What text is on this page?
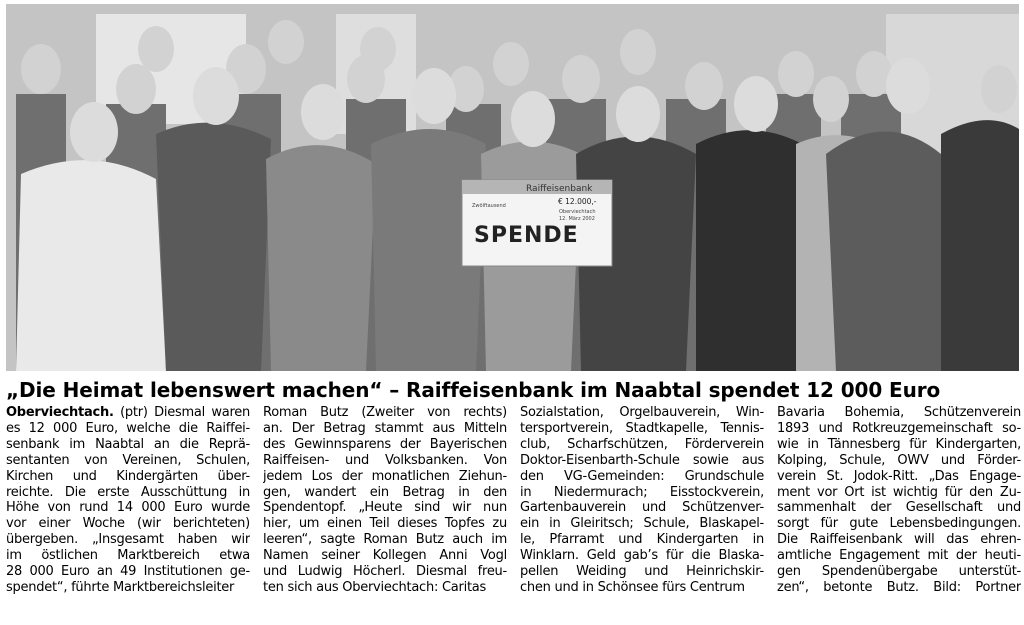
Raiffeisenbank
Zwölftausend	€ 12.000,-
Oberviechtach
12. März 2002
SPENDE
„Die Heimat lebenswert machen“ – Raiffeisenbank im Naabtal spendet 12 000 Euro
Oberviechtach. (ptr) Diesmal waren
es 12 000 Euro, welche die Raiffei-
senbank im Naabtal an die Reprä-
sentanten von Vereinen, Schulen,
Kirchen und Kindergärten über-
reichte. Die erste Ausschüttung in
Höhe von rund 14 000 Euro wurde
vor einer Woche (wir berichteten)
übergeben. „Insgesamt haben wir
im östlichen Marktbereich etwa
28 000 Euro an 49 Institutionen ge-
spendet“, führte Marktbereichsleiter
Roman Butz (Zweiter von rechts)
an. Der Betrag stammt aus Mitteln
des Gewinnsparens der Bayerischen
Raiffeisen- und Volksbanken. Von
jedem Los der monatlichen Ziehun-
gen, wandert ein Betrag in den
Spendentopf. „Heute sind wir nun
hier, um einen Teil dieses Topfes zu
leeren“, sagte Roman Butz auch im
Namen seiner Kollegen Anni Vogl
und Ludwig Höcherl. Diesmal freu-
ten sich aus Oberviechtach: Caritas
Sozialstation, Orgelbauverein, Win-
tersportverein, Stadtkapelle, Tennis-
club, Scharfschützen, Förderverein
Doktor-Eisenbarth-Schule sowie aus
den VG-Gemeinden: Grundschule
in Niedermurach; Eisstockverein,
Gartenbauverein und Schützenver-
ein in Gleiritsch; Schule, Blaskapel-
le, Pfarramt und Kindergarten in
Winklarn. Geld gab’s für die Blaska-
pellen Weiding und Heinrichskir-
chen und in Schönsee fürs Centrum
Bavaria Bohemia, Schützenverein
1893 und Rotkreuzgemeinschaft so-
wie in Tännesberg für Kindergarten,
Kolping, Schule, OWV und Förder-
verein St. Jodok-Ritt. „Das Engage-
ment vor Ort ist wichtig für den Zu-
sammenhalt der Gesellschaft und
sorgt für gute Lebensbedingungen.
Die Raiffeisenbank will das ehren-
amtliche Engagement mit der heuti-
gen Spendenübergabe unterstüt-
zen“, betonte Butz. Bild: Portner
